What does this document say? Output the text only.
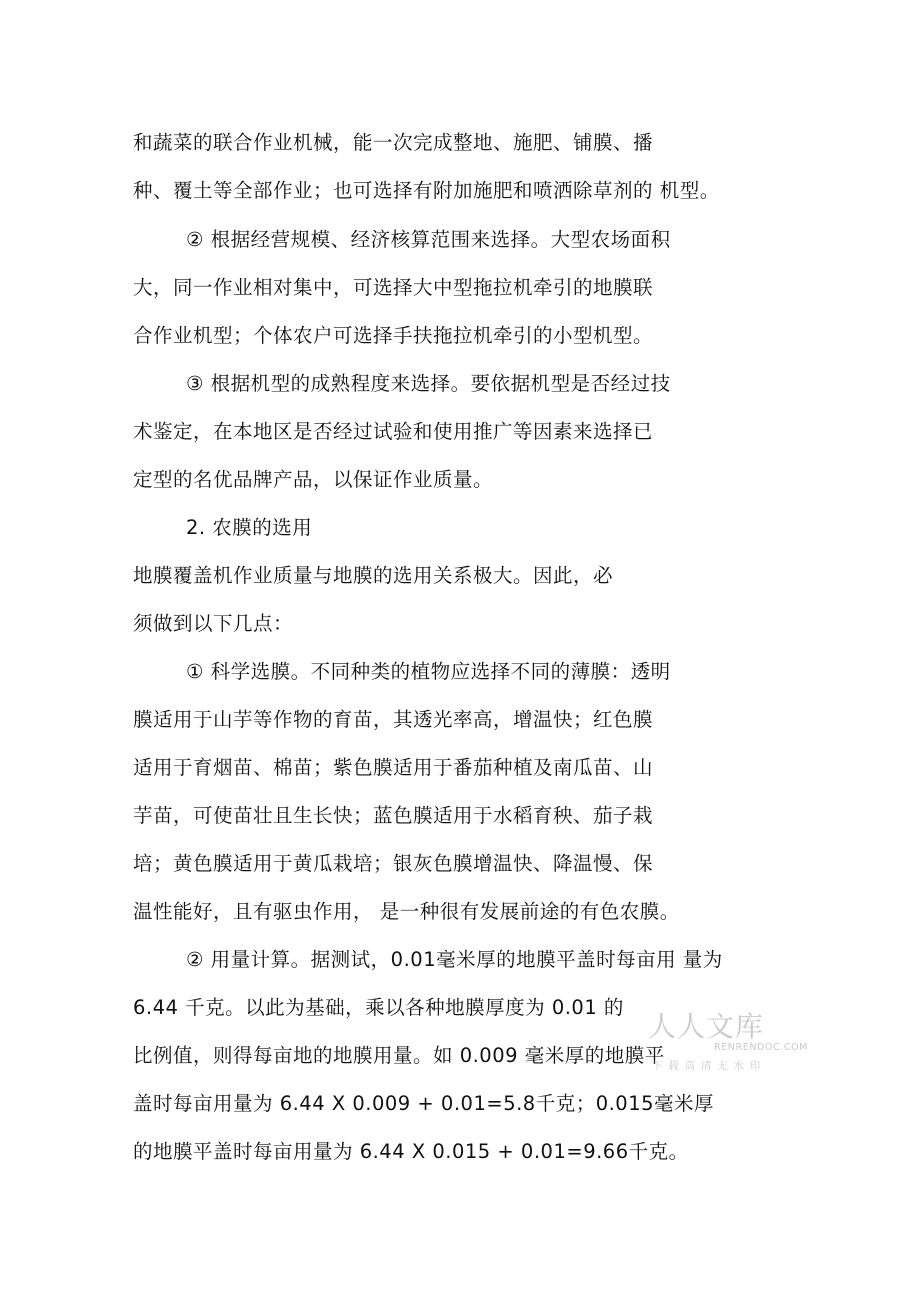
和蔬菜的联合作业机械，能一次完成整地、施肥、铺膜、播
种、覆土等全部作业；也可选择有附加施肥和喷洒除草剂的 机型。
② 根据经营规模、经济核算范围来选择。大型农场面积
大，同一作业相对集中，可选择大中型拖拉机牵引的地膜联
合作业机型；个体农户可选择手扶拖拉机牵引的小型机型。
③ 根据机型的成熟程度来选择。要依据机型是否经过技
术鉴定，在本地区是否经过试验和使用推广等因素来选择已
定型的名优品牌产品，以保证作业质量。
2. 农膜的选用
地膜覆盖机作业质量与地膜的选用关系极大。因此，必
须做到以下几点：
① 科学选膜。不同种类的植物应选择不同的薄膜：透明
膜适用于山芋等作物的育苗，其透光率高，增温快；红色膜
适用于育烟苗、棉苗；紫色膜适用于番茄种植及南瓜苗、山
芋苗，可使苗壮且生长快；蓝色膜适用于水稻育秧、茄子栽
培；黄色膜适用于黄瓜栽培；银灰色膜增温快、降温慢、保
温性能好，且有驱虫作用， 是一种很有发展前途的有色农膜。
② 用量计算。据测试，0.01毫米厚的地膜平盖时每亩用 量为
6.44 千克。以此为基础，乘以各种地膜厚度为 0.01 的
比例值，则得每亩地的地膜用量。如 0.009 毫米厚的地膜平
盖时每亩用量为 6.44 X 0.009 + 0.01=5.8千克；0.015毫米厚
的地膜平盖时每亩用量为 6.44 X 0.015 + 0.01=9.66千克。
人人文库
RENRENDOC.COM
下载高清无水印
